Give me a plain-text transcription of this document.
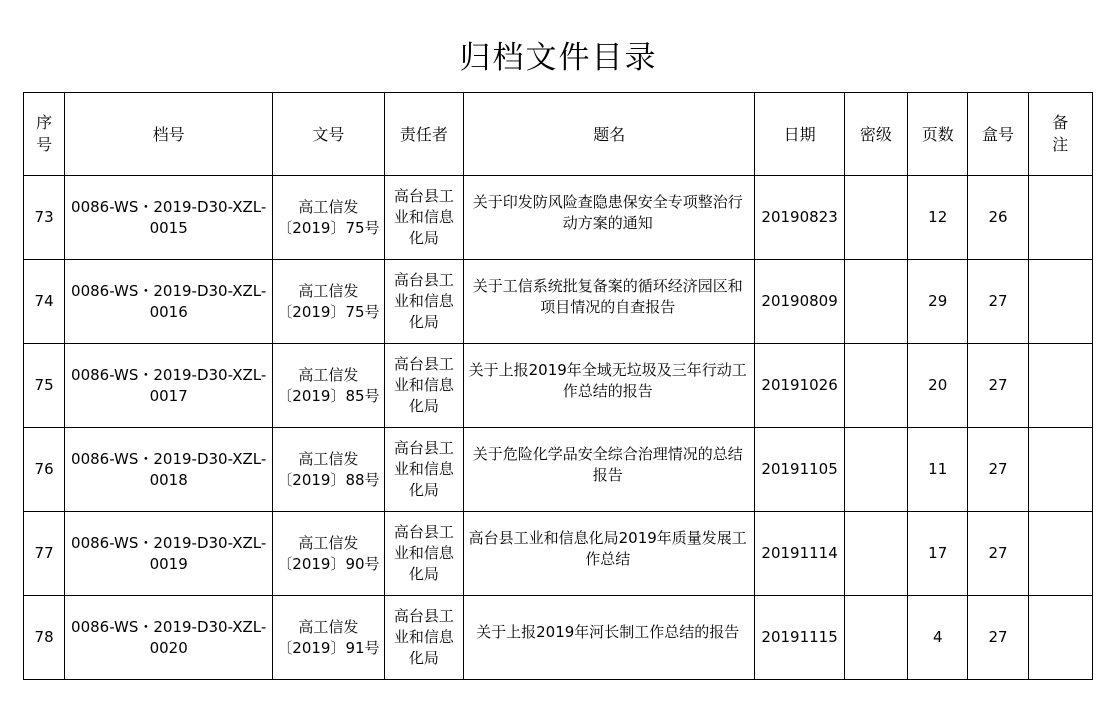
归档文件目录
序号	档号	文号	责任者	题名	日期	密级	页数	盒号	备注

73	0086-WS・2019-D30-XZL-0015	高工信发〔2019〕75号	高台县工业和信息化局	关于印发防风险查隐患保安全专项整治行动方案的通知	20190823		12	26	
74	0086-WS・2019-D30-XZL-0016	高工信发〔2019〕75号	高台县工业和信息化局	关于工信系统批复备案的循环经济园区和项目情况的自查报告	20190809		29	27	
75	0086-WS・2019-D30-XZL-0017	高工信发〔2019〕85号	高台县工业和信息化局	关于上报2019年全域无垃圾及三年行动工作总结的报告	20191026		20	27	
76	0086-WS・2019-D30-XZL-0018	高工信发〔2019〕88号	高台县工业和信息化局	关于危险化学品安全综合治理情况的总结报告	20191105		11	27	
77	0086-WS・2019-D30-XZL-0019	高工信发〔2019〕90号	高台县工业和信息化局	高台县工业和信息化局2019年质量发展工作总结	20191114		17	27	
78	0086-WS・2019-D30-XZL-0020	高工信发〔2019〕91号	高台县工业和信息化局	关于上报2019年河长制工作总结的报告	20191115		4	27	
